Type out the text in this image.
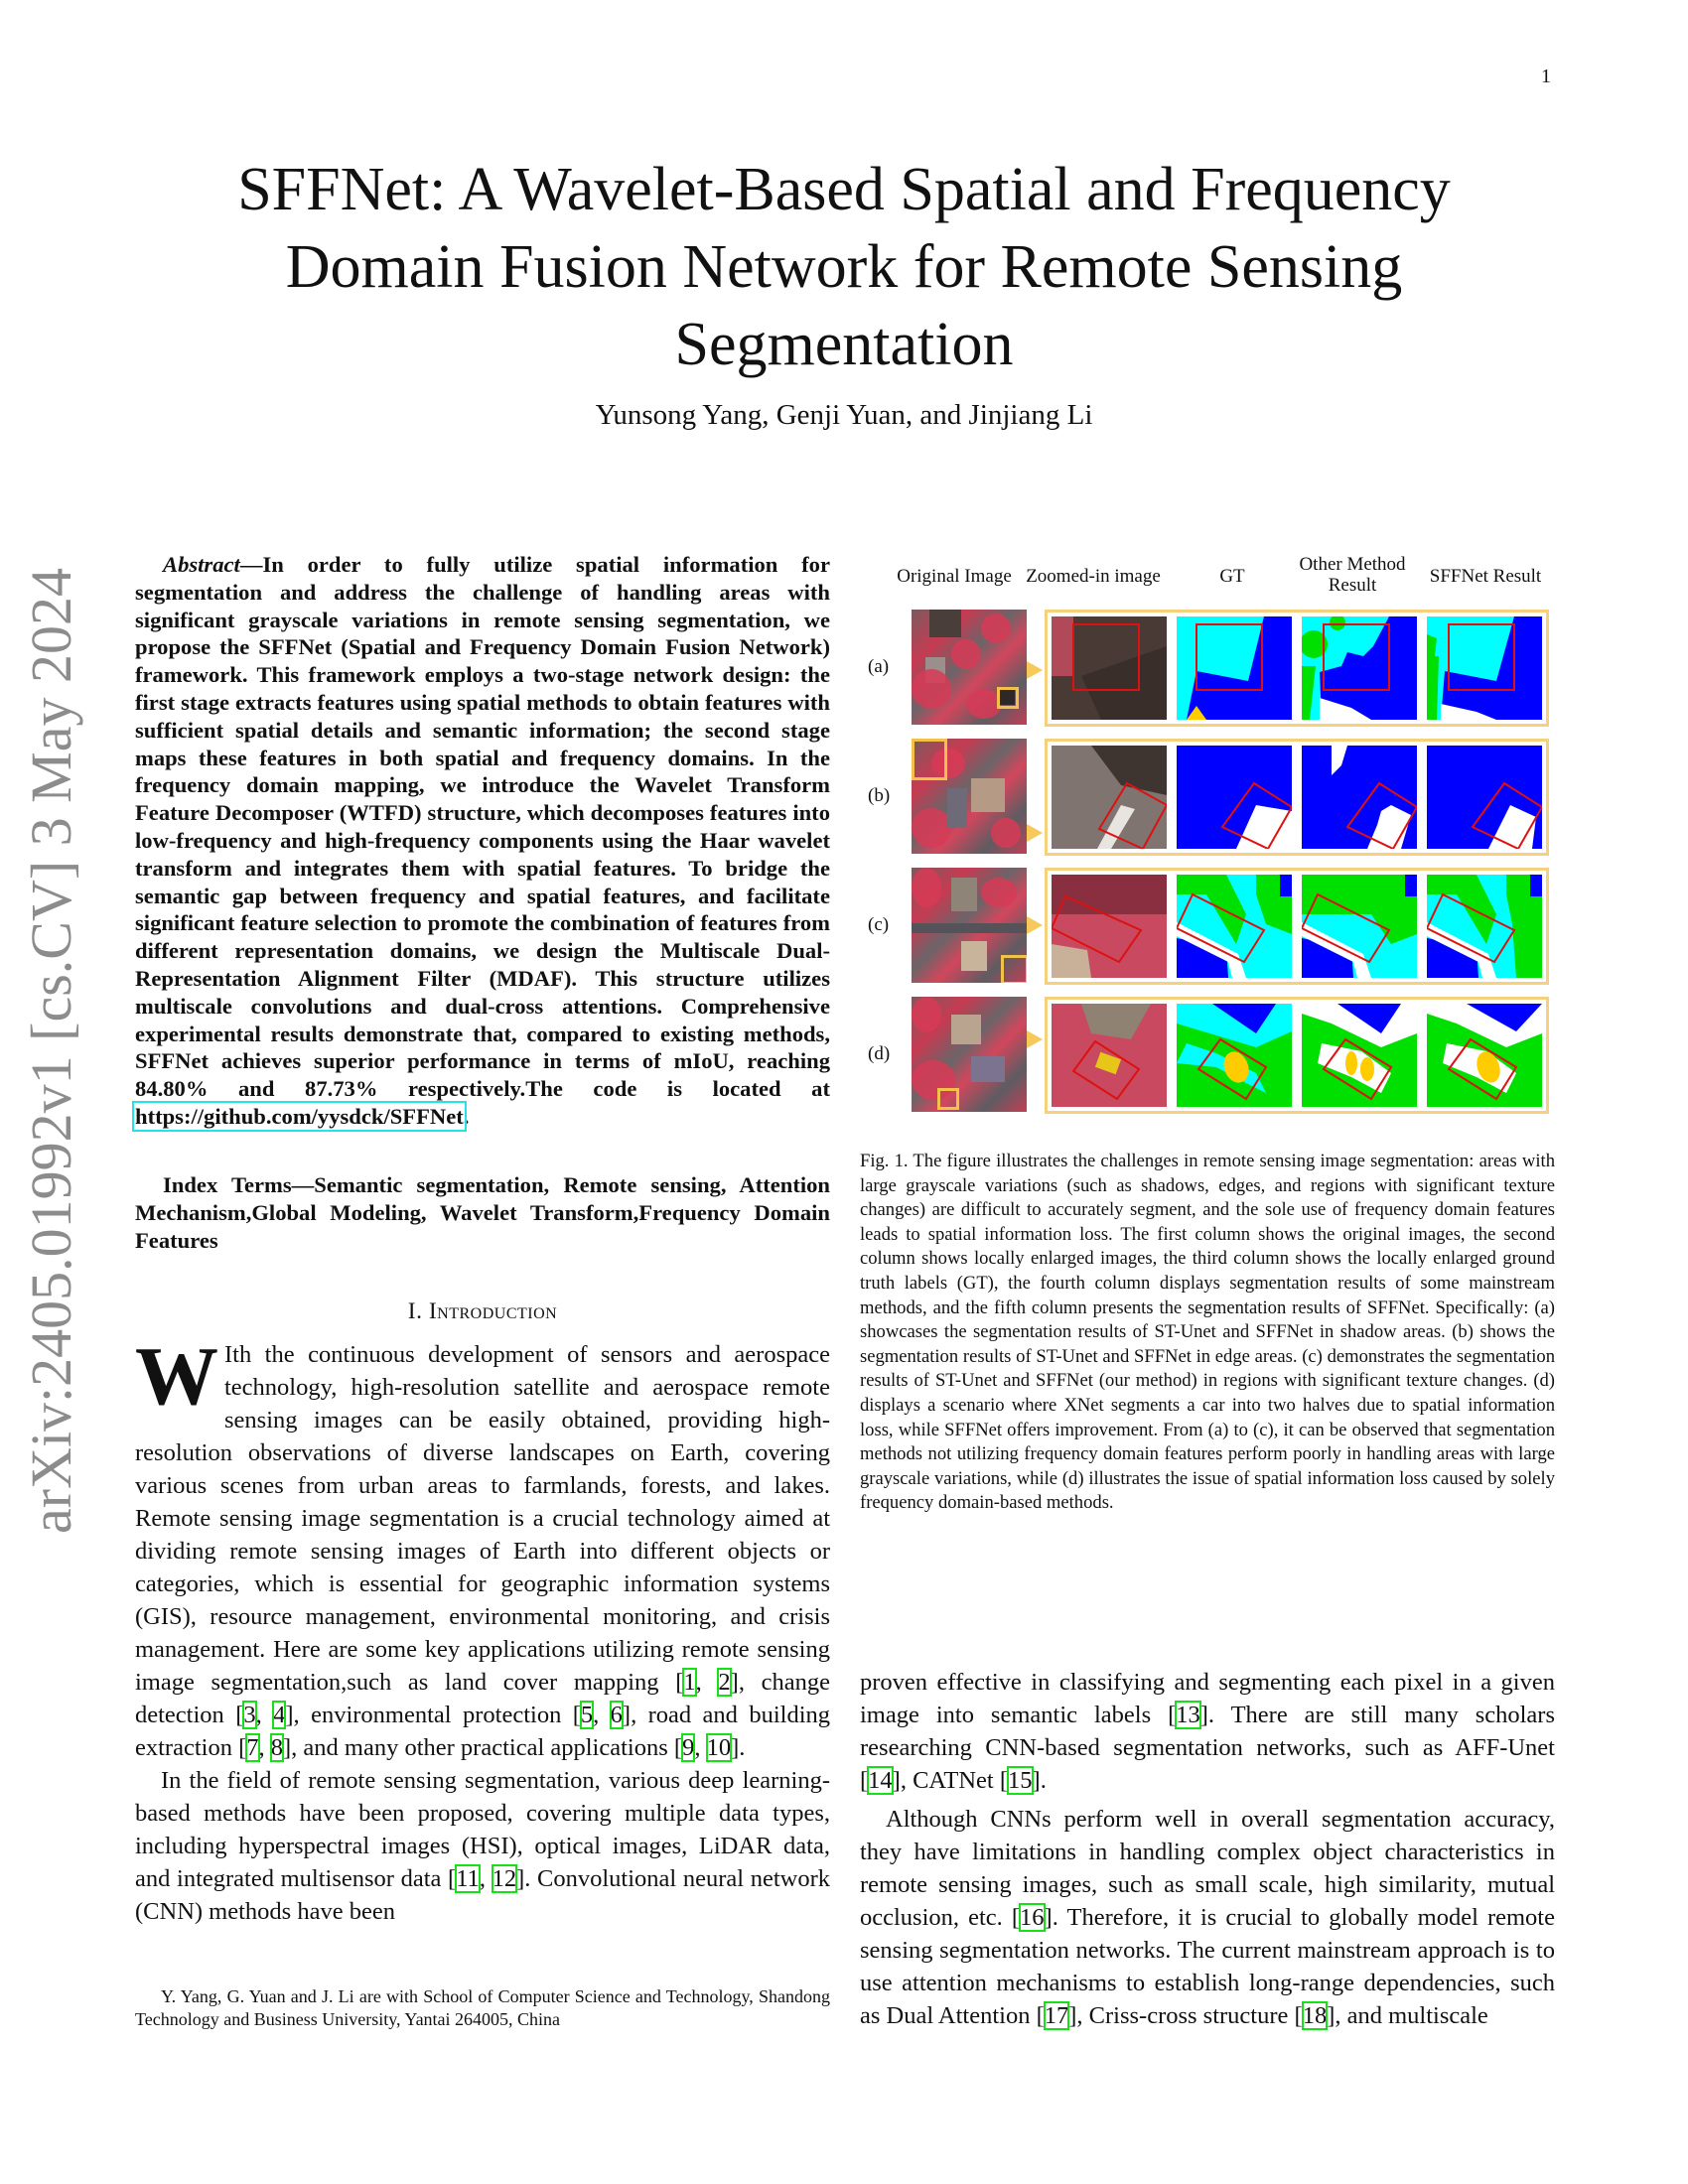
1
arXiv:2405.01992v1 [cs.CV] 3 May 2024
SFFNet: A Wavelet-Based Spatial and Frequency
Domain Fusion Network for Remote Sensing
Segmentation
Yunsong Yang, Genji Yuan, and Jinjiang Li

Abstract—In order to fully utilize spatial information for segmentation and address the challenge of handling areas with significant grayscale variations in remote sensing segmentation, we propose the SFFNet (Spatial and Frequency Domain Fusion Network) framework. This framework employs a two-stage network design: the first stage extracts features using spatial methods to obtain features with sufficient spatial details and semantic information; the second stage maps these features in both spatial and frequency domains. In the frequency domain mapping, we introduce the Wavelet Transform Feature Decomposer (WTFD) structure, which decomposes features into low-frequency and high-frequency components using the Haar wavelet transform and integrates them with spatial features. To bridge the semantic gap between frequency and spatial features, and facilitate significant feature selection to promote the combination of features from different representation domains, we design the Multiscale Dual-Representation Alignment Filter (MDAF). This structure utilizes multiscale convolutions and dual-cross attentions. Comprehensive experimental results demonstrate that, compared to existing methods, SFFNet achieves superior performance in terms of mIoU, reaching 84.80% and 87.73% respectively.The code is located at https://github.com/yysdck/SFFNet.

Index Terms—Semantic segmentation, Remote sensing, Attention Mechanism,Global Modeling, Wavelet Transform,Frequency Domain Features

I. Introduction

W Ith the continuous development of sensors and aerospace technology, high-resolution satellite and aerospace remote sensing images can be easily obtained, providing high-resolution observations of diverse landscapes on Earth, covering various scenes from urban areas to farmlands, forests, and lakes. Remote sensing image segmentation is a crucial technology aimed at dividing remote sensing images of Earth into different objects or categories, which is essential for geographic information systems (GIS), resource management, environmental monitoring, and crisis management. Here are some key applications utilizing remote sensing image segmentation,such as land cover mapping [1, 2], change detection [3, 4], environmental protection [5, 6], road and building extraction [7, 8], and many other practical applications [9, 10].

In the field of remote sensing segmentation, various deep learning-based methods have been proposed, covering multiple data types, including hyperspectral images (HSI), optical images, LiDAR data, and integrated multisensor data [11, 12]. Convolutional neural network (CNN) methods have been

Y. Yang, G. Yuan and J. Li are with School of Computer Science and Technology, Shandong Technology and Business University, Yantai 264005, China

Original Image Zoomed-in image	GT
Other Method
Result	SFFNet Result
(a)
(b)
(c)
(d)

Fig. 1. The figure illustrates the challenges in remote sensing image segmentation: areas with large grayscale variations (such as shadows, edges, and regions with significant texture changes) are difficult to accurately segment, and the sole use of frequency domain features leads to spatial information loss. The first column shows the original images, the second column shows locally enlarged images, the third column shows the locally enlarged ground truth labels (GT), the fourth column displays segmentation results of some mainstream methods, and the fifth column presents the segmentation results of SFFNet. Specifically: (a) showcases the segmentation results of ST-Unet and SFFNet in shadow areas. (b) shows the segmentation results of ST-Unet and SFFNet in edge areas. (c) demonstrates the segmentation results of ST-Unet and SFFNet (our method) in regions with significant texture changes. (d) displays a scenario where XNet segments a car into two halves due to spatial information loss, while SFFNet offers improvement. From (a) to (c), it can be observed that segmentation methods not utilizing frequency domain features perform poorly in handling areas with large grayscale variations, while (d) illustrates the issue of spatial information loss caused by solely frequency domain-based methods.

proven effective in classifying and segmenting each pixel in a given image into semantic labels [13]. There are still many scholars researching CNN-based segmentation networks, such as AFF-Unet [14], CATNet [15].

Although CNNs perform well in overall segmentation accuracy, they have limitations in handling complex object characteristics in remote sensing images, such as small scale, high similarity, mutual occlusion, etc. [16]. Therefore, it is crucial to globally model remote sensing segmentation networks. The current mainstream approach is to use attention mechanisms to establish long-range dependencies, such as Dual Attention [17], Criss-cross structure [18], and multiscale
